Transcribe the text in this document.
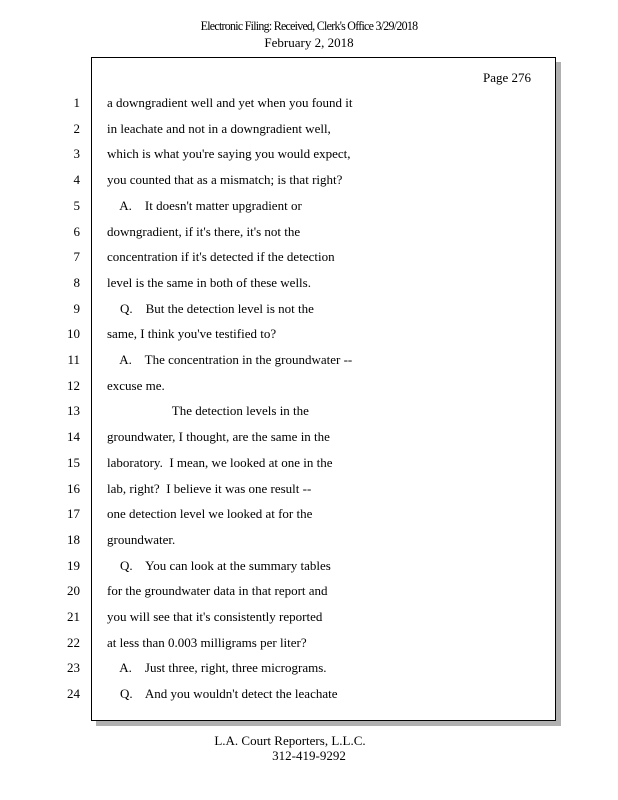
Electronic Filing: Received, Clerk's Office 3/29/2018
February 2, 2018
Page 276
1 a downgradient well and yet when you found it
2 in leachate and not in a downgradient well,
3 which is what you're saying you would expect,
4 you counted that as a mismatch; is that right?
5 A.    It doesn't matter upgradient or
6 downgradient, if it's there, it's not the
7 concentration if it's detected if the detection
8 level is the same in both of these wells.
9 Q.    But the detection level is not the
10 same, I think you've testified to?
11 A.    The concentration in the groundwater --
12 excuse me.
13 The detection levels in the
14 groundwater, I thought, are the same in the
15 laboratory.  I mean, we looked at one in the
16 lab, right?  I believe it was one result --
17 one detection level we looked at for the
18 groundwater.
19 Q.    You can look at the summary tables
20 for the groundwater data in that report and
21 you will see that it's consistently reported
22 at less than 0.003 milligrams per liter?
23 A.    Just three, right, three micrograms.
24 Q.    And you wouldn't detect the leachate
L.A. Court Reporters, L.L.C.
312-419-9292
